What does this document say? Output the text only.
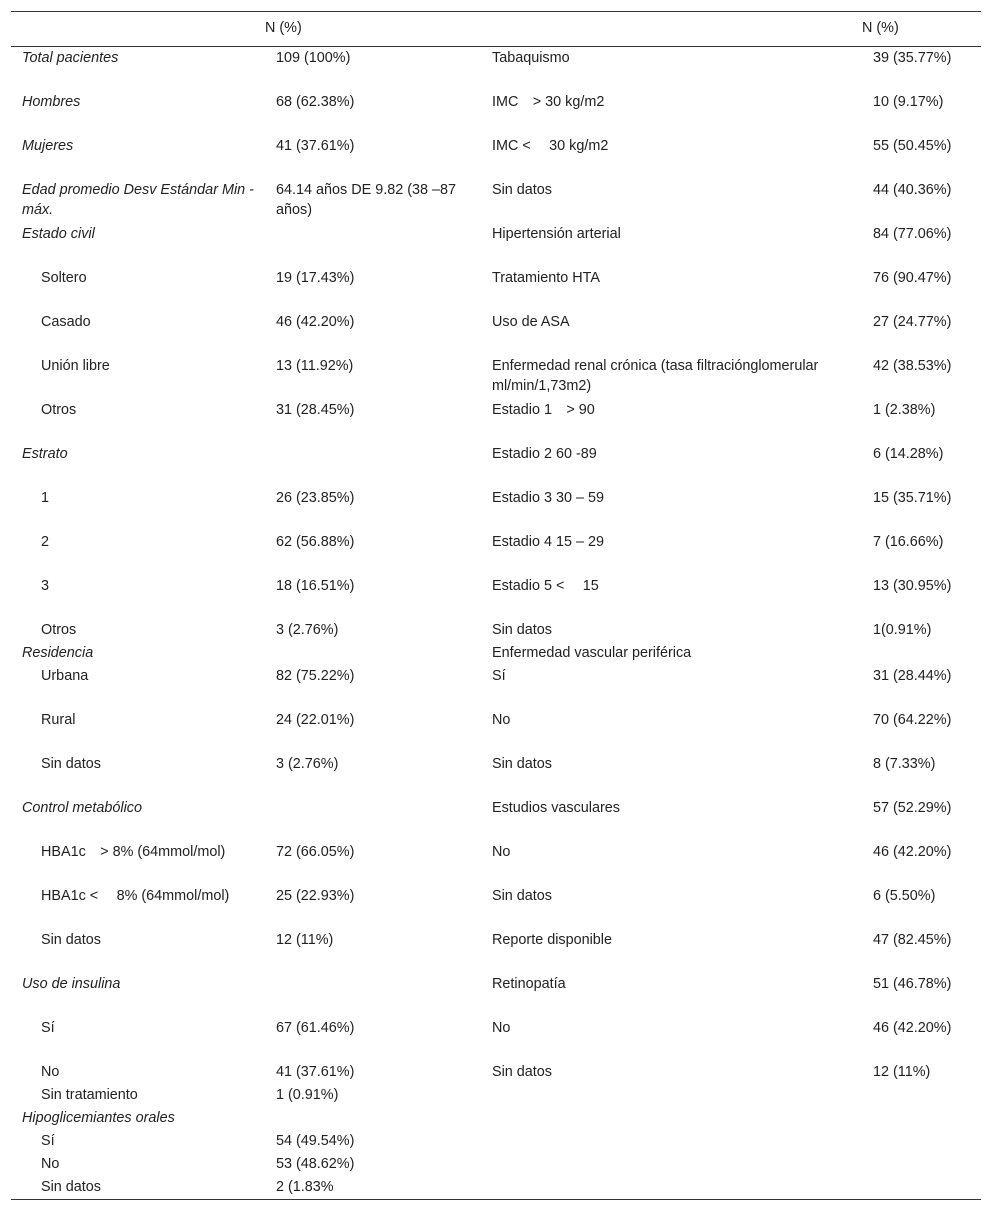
	N (%)		N (%)
Total pacientes	109 (100%)	Tabaquismo	39 (35.77%)
Hombres	68 (62.38%)	IMC > 30 kg/m2	10 (9.17%)
Mujeres	41 (37.61%)	IMC <  30 kg/m2	55 (50.45%)
Edad promedio Desv Estándar Min - máx.	64.14 años DE 9.82 (38 –87 años)	Sin datos	44 (40.36%)
Estado civil		Hipertensión arterial	84 (77.06%)
Soltero	19 (17.43%)	Tratamiento HTA	76 (90.47%)
Casado	46 (42.20%)	Uso de ASA	27 (24.77%)
Unión libre	13 (11.92%)	Enfermedad renal crónica (tasa filtraciónglomerular ml/min/1,73m2)	42 (38.53%)
Otros	31 (28.45%)	Estadio 1 > 90	1 (2.38%)
Estrato		Estadio 2 60 -89	6 (14.28%)
1	26 (23.85%)	Estadio 3 30 – 59	15 (35.71%)
2	62 (56.88%)	Estadio 4 15 – 29	7 (16.66%)
3	18 (16.51%)	Estadio 5 <  15	13 (30.95%)
Otros	3 (2.76%)	Sin datos	1(0.91%)
Residencia		Enfermedad vascular periférica	
Urbana	82 (75.22%)	Sí	31 (28.44%)
Rural	24 (22.01%)	No	70 (64.22%)
Sin datos	3 (2.76%)	Sin datos	8 (7.33%)
Control metabólico		Estudios vasculares	57 (52.29%)
HBA1c > 8% (64mmol/mol)	72 (66.05%)	No	46 (42.20%)
HBA1c <  8% (64mmol/mol)	25 (22.93%)	Sin datos	6 (5.50%)
Sin datos	12 (11%)	Reporte disponible	47 (82.45%)
Uso de insulina		Retinopatía	51 (46.78%)
Sí	67 (61.46%)	No	46 (42.20%)
No	41 (37.61%)	Sin datos	12 (11%)
Sin tratamiento	1 (0.91%)		
Hipoglicemiantes orales			
Sí	54 (49.54%)		
No	53 (48.62%)		
Sin datos	2 (1.83%		
